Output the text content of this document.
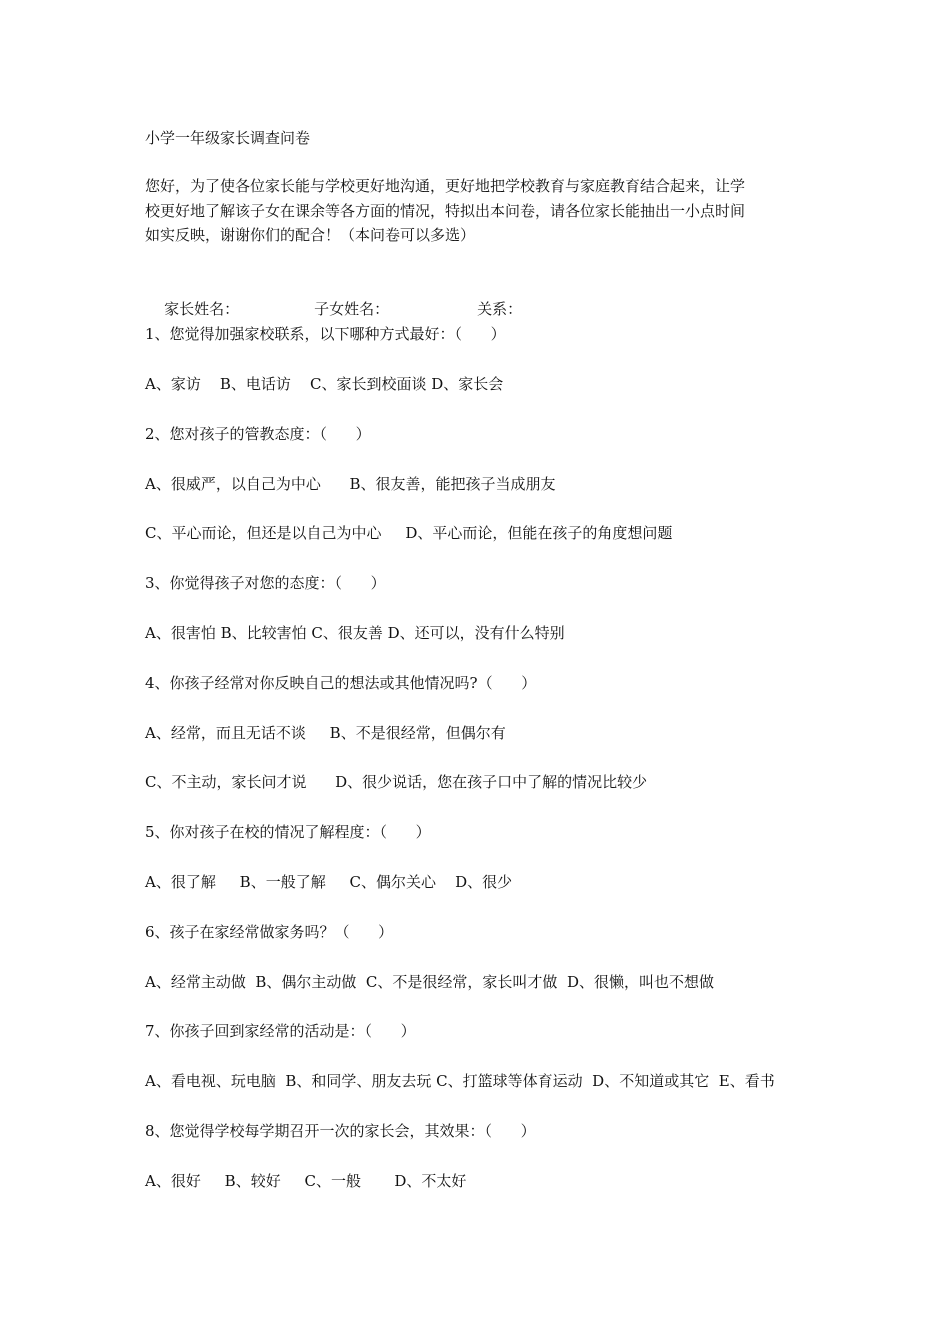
小学一年级家长调查问卷
您好，为了使各位家长能与学校更好地沟通，更好地把学校教育与家庭教育结合起来，让学
校更好地了解该子女在课余等各方面的情况，特拟出本问卷，请各位家长能抽出一小点时间
如实反映，谢谢你们的配合！（本问卷可以多选）

家长姓名：	子女姓名：	关系：

1、您觉得加强家校联系，以下哪种方式最好：（      ）
A、家访    B、电话访    C、家长到校面谈 D、家长会
2、您对孩子的管教态度：（      ）
A、很威严，以自己为中心      B、很友善，能把孩子当成朋友
C、平心而论，但还是以自己为中心     D、平心而论，但能在孩子的角度想问题
3、你觉得孩子对您的态度：（      ）
A、很害怕 B、比较害怕 C、很友善 D、还可以，没有什么特别
4、你孩子经常对你反映自己的想法或其他情况吗?（      ）
A、经常，而且无话不谈     B、不是很经常，但偶尔有
C、不主动，家长问才说      D、很少说话，您在孩子口中了解的情况比较少
5、你对孩子在校的情况了解程度：（      ）
A、很了解     B、一般了解     C、偶尔关心    D、很少
6、孩子在家经常做家务吗？（      ）
A、经常主动做  B、偶尔主动做  C、不是很经常，家长叫才做  D、很懒，叫也不想做
7、你孩子回到家经常的活动是：（      ）
A、看电视、玩电脑  B、和同学、朋友去玩 C、打篮球等体育运动  D、不知道或其它  E、看书
8、您觉得学校每学期召开一次的家长会，其效果：（      ）
A、很好     B、较好     C、一般       D、不太好
